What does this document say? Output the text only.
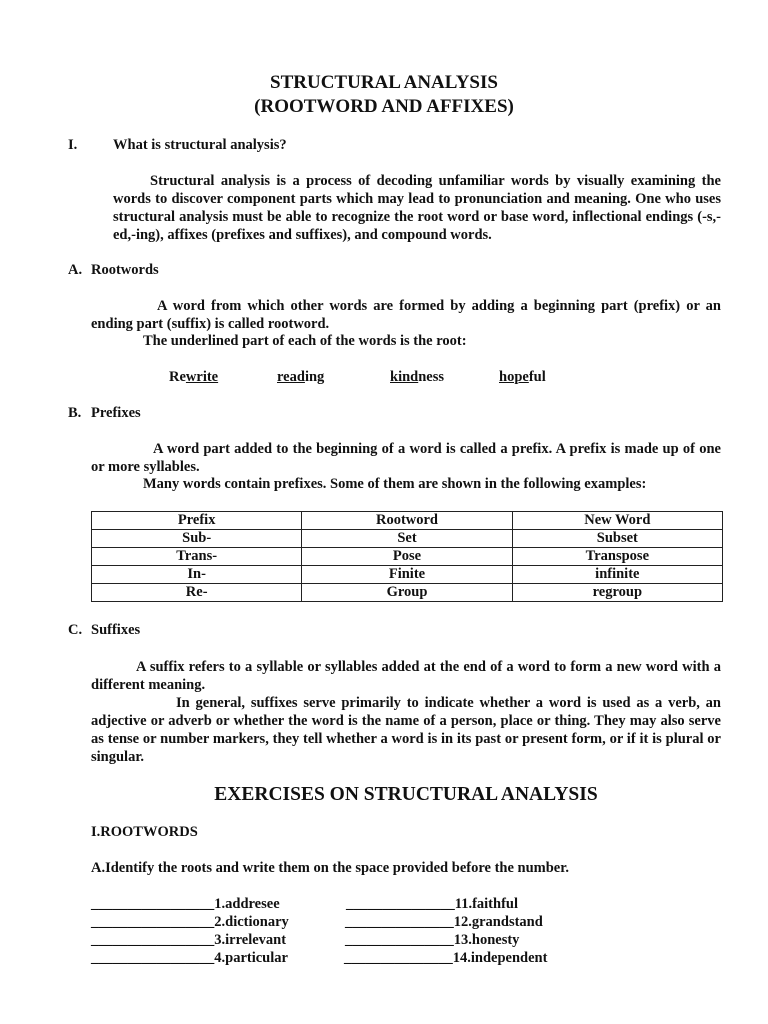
STRUCTURAL ANALYSIS
(ROOTWORD AND AFFIXES)
I. What is structural analysis?

Structural analysis is a process of decoding unfamiliar words by visually examining the words to discover component parts which may lead to pronunciation and meaning. One who uses structural analysis must be able to recognize the root word or base word, inflectional endings (-s,-ed,-ing), affixes (prefixes and suffixes), and compound words.

A. Rootwords

A word from which other words are formed by adding a beginning part (prefix) or an ending part (suffix) is called rootword.

The underlined part of each of the words is the root:
Rewrite	reading	kindness	hopeful
B. Prefixes

A word part added to the beginning of a word is called a prefix. A prefix is made up of one or more syllables.

Many words contain prefixes. Some of them are shown in the following examples:
Prefix	Rootword	New Word
Sub-	Set	Subset
Trans-	Pose	Transpose
In-	Finite	infinite
Re-	Group	regroup
C. Suffixes

A suffix refers to a syllable or syllables added at the end of a word to form a new word with a different meaning.

In general, suffixes serve primarily to indicate whether a word is used as a verb, an adjective or adverb or whether the word is the name of a person, place or thing. They may also serve as tense or number markers, they tell whether a word is in its past or present form, or if it is plural or singular.

EXERCISES ON STRUCTURAL ANALYSIS
I.ROOTWORDS
A.Identify the roots and write them on the space provided before the number.
_________________1.addresee
_________________2.dictionary
_________________3.irrelevant
_________________4.particular
_______________11.faithful
_______________12.grandstand
_______________13.honesty
_______________14.independent
